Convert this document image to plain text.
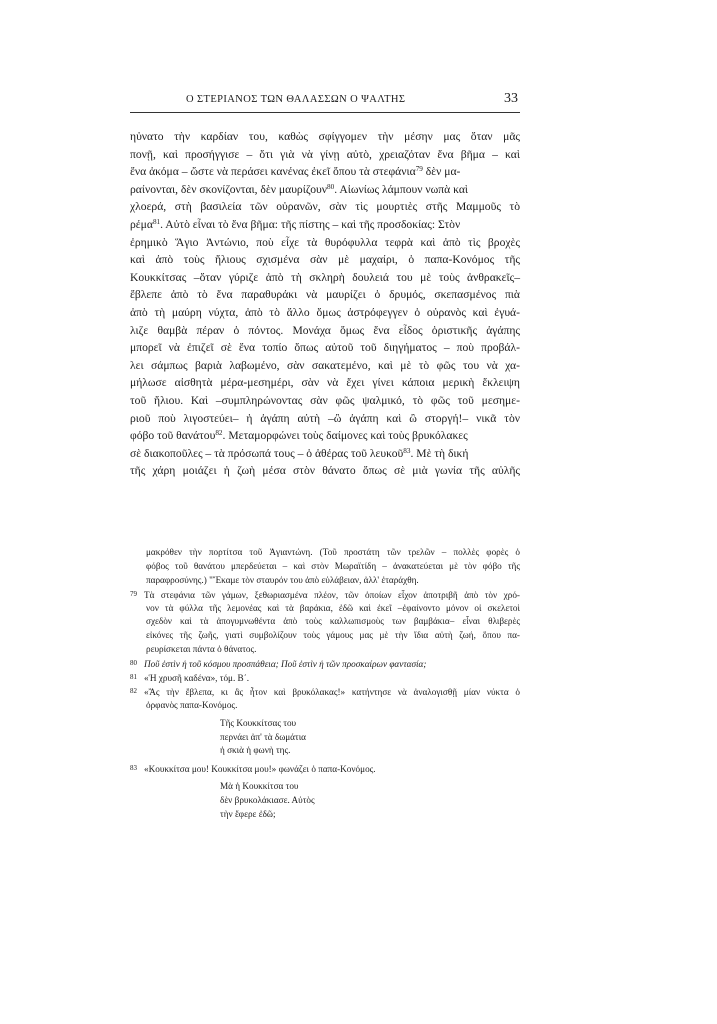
Ο ΣΤΕΡΙΑΝΟΣ ΤΩΝ ΘΑΛΑΣΣΩΝ Ο ΨΑΛΤΗΣ	33
ηὐνατο τὴν καρδίαν του, καθὼς σφίγγομεν τὴν μέσην μας ὅταν μᾶς
πονῇ, καὶ προσήγγισε – ὅτι γιὰ νὰ γίνῃ αὐτὸ, χρειαζόταν ἕνα βῆμα – καὶ
ἕνα ἀκόμα – ὥστε νὰ περάσει κανένας ἐκεῖ ὅπου τὰ στεφάνια$^{79}$ δὲν μα-
ραίνονται, δὲν σκονίζονται, δὲν μαυρίζουν$^{80}$. Αἰωνίως λάμπουν νωπὰ καὶ
χλοερά, στὴ βασιλεία τῶν οὐρανῶν, σὰν τὶς μουρτιὲς στῆς Μαμμοῦς τὸ
ρέμα$^{81}$. Αὐτὸ εἶναι τὸ ἕνα βῆμα: τῆς πίστης – καὶ τῆς προσδοκίας: Στὸν
ἐρημικὸ Ἅγιο Ἀντώνιο, ποὺ εἶχε τὰ θυρόφυλλα τεφρὰ καὶ ἀπὸ τὶς βροχὲς
καὶ ἀπὸ τοὺς ἥλιους σχισμένα σὰν μὲ μαχαίρι, ὁ παπα-Κονόμος τῆς
Κουκκίτσας –ὅταν γύριζε ἀπὸ τὴ σκληρὴ δουλειά του μὲ τοὺς ἀνθρακεῖς–
ἔβλεπε ἀπὸ τὸ ἕνα παραθυράκι νὰ μαυρίζει ὁ δρυμός, σκεπασμένος πιὰ
ἀπὸ τὴ μαύρη νύχτα, ἀπὸ τὸ ἄλλο ὅμως ἀστρόφεγγεν ὁ οὐρανὸς καὶ ἐγυά-
λιζε θαμβὰ πέραν ὁ πόντος. Μονάχα ὅμως ἕνα εἶδος ὁριστικῆς ἀγάπης
μπορεῖ νὰ ἐπιζεῖ σὲ ἕνα τοπίο ὅπως αὐτοῦ τοῦ διηγήματος – ποὺ προβάλ-
λει σάμπως βαριὰ λαβωμένο, σὰν σακατεμένο, καὶ μὲ τὸ φῶς του νὰ χα-
μήλωσε αἰσθητὰ μέρα-μεσημέρι, σὰν νὰ ἔχει γίνει κάποια μερικὴ ἔκλειψη
τοῦ ἥλιου. Καὶ –συμπληρώνοντας σὰν φῶς ψαλμικό, τὸ φῶς τοῦ μεσημε-
ριοῦ ποὺ λιγοστεύει– ἡ ἀγάπη αὐτὴ –ὢ ἀγάπη καὶ ὢ στοργή!– νικᾶ τὸν
φόβο τοῦ θανάτου$^{82}$. Μεταμορφώνει τοὺς δαίμονες καὶ τοὺς βρυκόλακες
σὲ διακοποῦλες – τὰ πρόσωπά τους – ὁ ἀθέρας τοῦ λευκοῦ$^{83}$. Μὲ τὴ δική
τῆς χάρη μοιάζει ἡ ζωὴ μέσα στὸν θάνατο ὅπως σὲ μιὰ γωνία τῆς αὐλῆς
μακρόθεν τὴν πορτίτσα τοῦ Ἁγιαντώνη. (Τοῦ προστάτη τῶν τρελῶν – πολλὲς φορὲς ὁ
φόβος τοῦ θανάτου μπερδεύεται – καὶ στὸν Μωραϊτίδη – ἀνακατεύεται μὲ τὸν φόβο τῆς
παραφροσύνης.) "Ἔκαμε τὸν σταυρόν του ἀπὸ εὐλάβειαν, ἀλλ' ἐταράχθη.
79 Τὰ στεφάνια τῶν γάμων, ξεθωριασμένα πλέον, τῶν ὁποίων εἶχον ἀποτριβῆ ἀπὸ τὸν χρό-
νον τὰ φύλλα τῆς λεμονέας καὶ τὰ βαράκια, ἐδῶ καὶ ἐκεῖ –ἐφαίνοντο μόνον οἱ σκελετοὶ
σχεδὸν καὶ τὰ ἀπογυμνωθέντα ἀπὸ τοὺς καλλωπισμοὺς των βαμβάκια– εἶναι θλιβερὲς
εἰκόνες τῆς ζωῆς, γιατὶ συμβολίζουν τοὺς γάμους μας μὲ τὴν ἴδια αὐτὴ ζωή, ὅπου πα-
ρευρίσκεται πάντα ὁ θάνατος.
80 Ποῦ ἐστὶν ἡ τοῦ κόσμου προσπάθεια; Ποῦ ἐστὶν ἡ τῶν προσκαίρων φαντασία;
81 «Ἡ χρυσῆ καδένα», τόμ. Β΄.
82 «Ἂς τὴν ἔβλεπα, κι ἂς ἦτον καὶ βρυκόλακας!» κατήντησε νὰ ἀναλογισθῇ μίαν νύκτα ὁ
ὀρφανὸς παπα-Κονόμος.
Τῆς Κουκκίτσας του
περνάει ἀπ' τὰ δωμάτια
ἡ σκιὰ ἡ φωνὴ της.
83 «Κουκκίτσα μου! Κουκκίτσα μου!» φωνάζει ὁ παπα-Κονόμος.
Μὰ ἡ Κουκκίτσα του
δὲν βρυκολάκιασε. Αὐτὸς
τὴν ἔφερε ἐδῶ;
